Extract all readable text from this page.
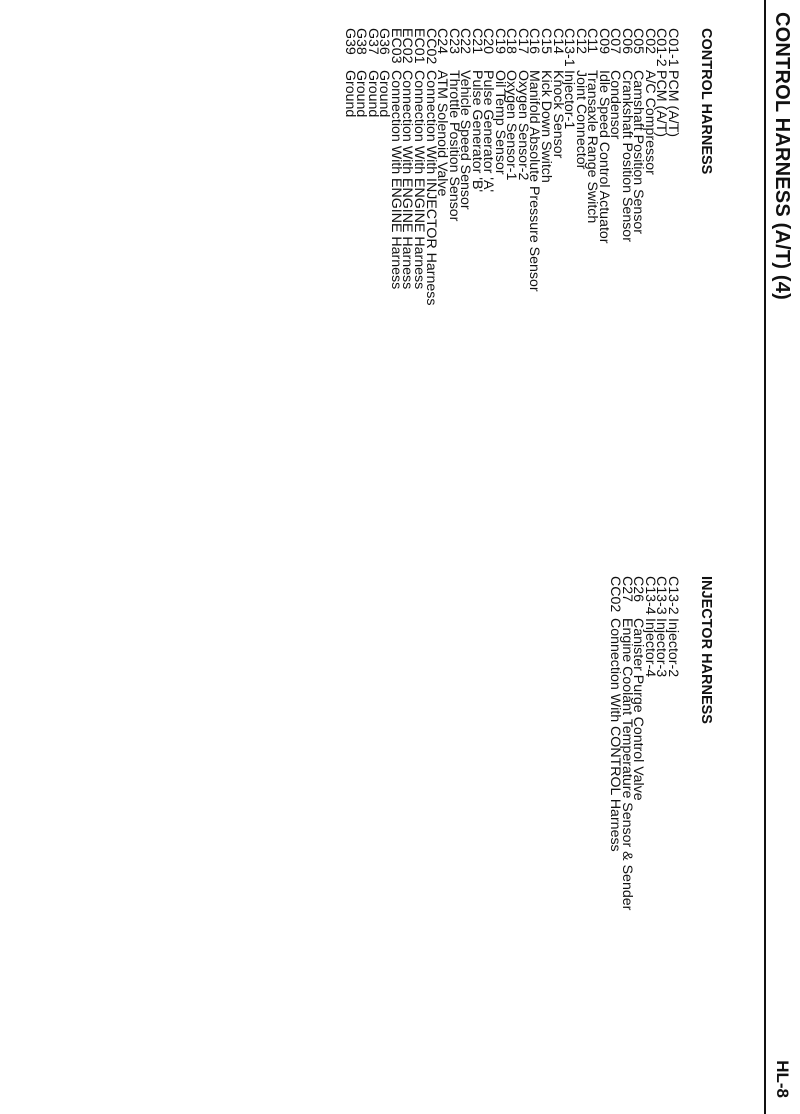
CONTROL HARNESS (A/T) (4)
HL-8
CONTROL HARNESS
C01-1PCM (A/T)
C01-2PCM (A/T)
C02A/C Compressor
C05Camshaft Position Sensor
C06Crankshaft Position Sensor
C07Condensor
C09Idle Speed Control Actuator
C11Transaxle Range Switch
C12Joint Connector
C13-1Injector-1
C14Knock Sensor
C15Kick Down Switch
C16Manifold Absolute Pressure Sensor
C17Oxygen Sensor-2
C18Oxygen Sensor-1
C19Oil Temp Sensor
C20Pulse Generator 'A'
C21Pulse Generator 'B'
C22Vehicle Speed Sensor
C23Throttle Position Sensor
C24ATM Solenoid Valve
CC02Connection With INJECTOR Harness
EC01Connection With ENGINE Harness
EC02Connection With ENGINE Harness
EC03Connection With ENGINE Harness
G36Ground
G37Ground
G38Ground
G39Ground
INJECTOR HARNESS
C13-2Injector-2
C13-3Injector-3
C13-4Injector-4
C26Canister Purge Control Valve
C27Engine Coolant Temperature Sensor & Sender
CC02Connection With CONTROL Harness
